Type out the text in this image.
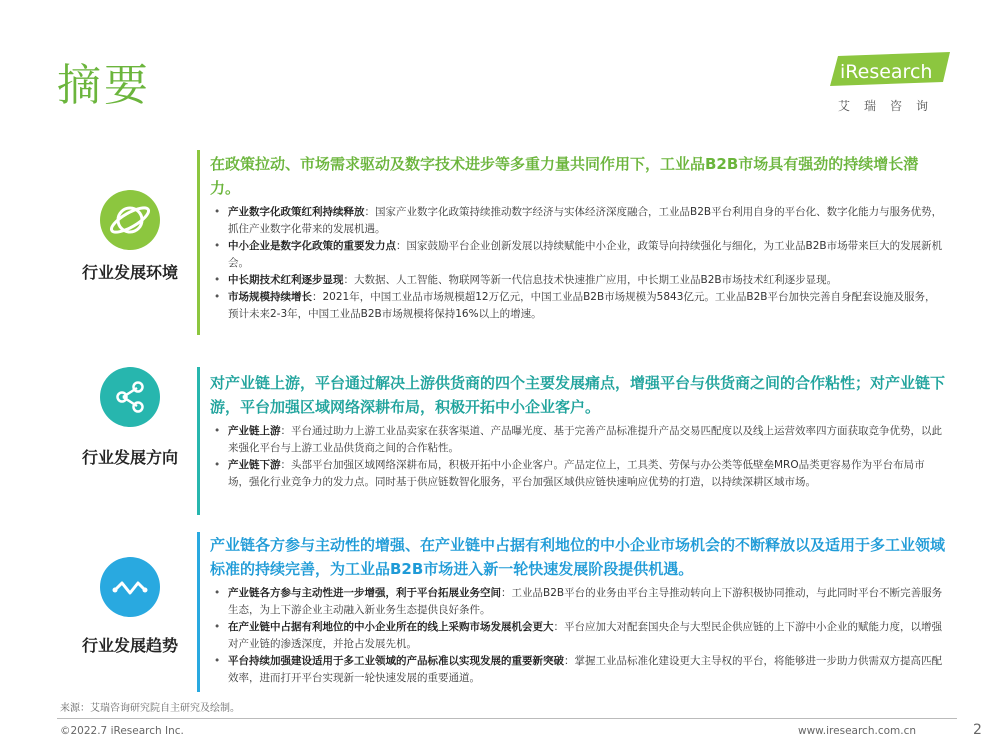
摘要	iResearch
艾瑞咨询
行业发展环境
在政策拉动、市场需求驱动及数字技术进步等多重力量共同作用下，工业品B2B市场具有强劲的持续增长潜力。
• 产业数字化政策红利持续释放：国家产业数字化政策持续推动数字经济与实体经济深度融合，工业品B2B平台利用自身的平台化、数字化能力与服务优势，抓住产业数字化带来的发展机遇。
• 中小企业是数字化政策的重要发力点：国家鼓励平台企业创新发展以持续赋能中小企业，政策导向持续强化与细化，为工业品B2B市场带来巨大的发展新机会。
• 中长期技术红利逐步显现：大数据、人工智能、物联网等新一代信息技术快速推广应用，中长期工业品B2B市场技术红利逐步显现。
• 市场规模持续增长：2021年，中国工业品市场规模超12万亿元，中国工业品B2B市场规模为5843亿元。工业品B2B平台加快完善自身配套设施及服务，预计未来2-3年，中国工业品B2B市场规模将保持16%以上的增速。
行业发展方向
对产业链上游，平台通过解决上游供货商的四个主要发展痛点，增强平台与供货商之间的合作粘性；对产业链下游，平台加强区域网络深耕布局，积极开拓中小企业客户。
• 产业链上游：平台通过助力上游工业品卖家在获客渠道、产品曝光度、基于完善产品标准提升产品交易匹配度以及线上运营效率四方面获取竞争优势，以此来强化平台与上游工业品供货商之间的合作粘性。
• 产业链下游：头部平台加强区域网络深耕布局，积极开拓中小企业客户。产品定位上，工具类、劳保与办公类等低壁垒MRO品类更容易作为平台布局市场，强化行业竞争力的发力点。同时基于供应链数智化服务，平台加强区域供应链快速响应优势的打造，以持续深耕区域市场。
行业发展趋势
产业链各方参与主动性的增强、在产业链中占据有利地位的中小企业市场机会的不断释放以及适用于多工业领域标准的持续完善，为工业品B2B市场进入新一轮快速发展阶段提供机遇。
• 产业链各方参与主动性进一步增强，利于平台拓展业务空间：工业品B2B平台的业务由平台主导推动转向上下游积极协同推动，与此同时平台不断完善服务生态，为上下游企业主动融入新业务生态提供良好条件。
• 在产业链中占据有利地位的中小企业所在的线上采购市场发展机会更大：平台应加大对配套国央企与大型民企供应链的上下游中小企业的赋能力度，以增强对产业链的渗透深度，并抢占发展先机。
• 平台持续加强建设适用于多工业领域的产品标准以实现发展的重要新突破：掌握工业品标准化建设更大主导权的平台，将能够进一步助力供需双方提高匹配效率，进而打开平台实现新一轮快速发展的重要通道。
来源：艾瑞咨询研究院自主研究及绘制。
©2022.7 iResearch Inc.	www.iresearch.com.cn	2
